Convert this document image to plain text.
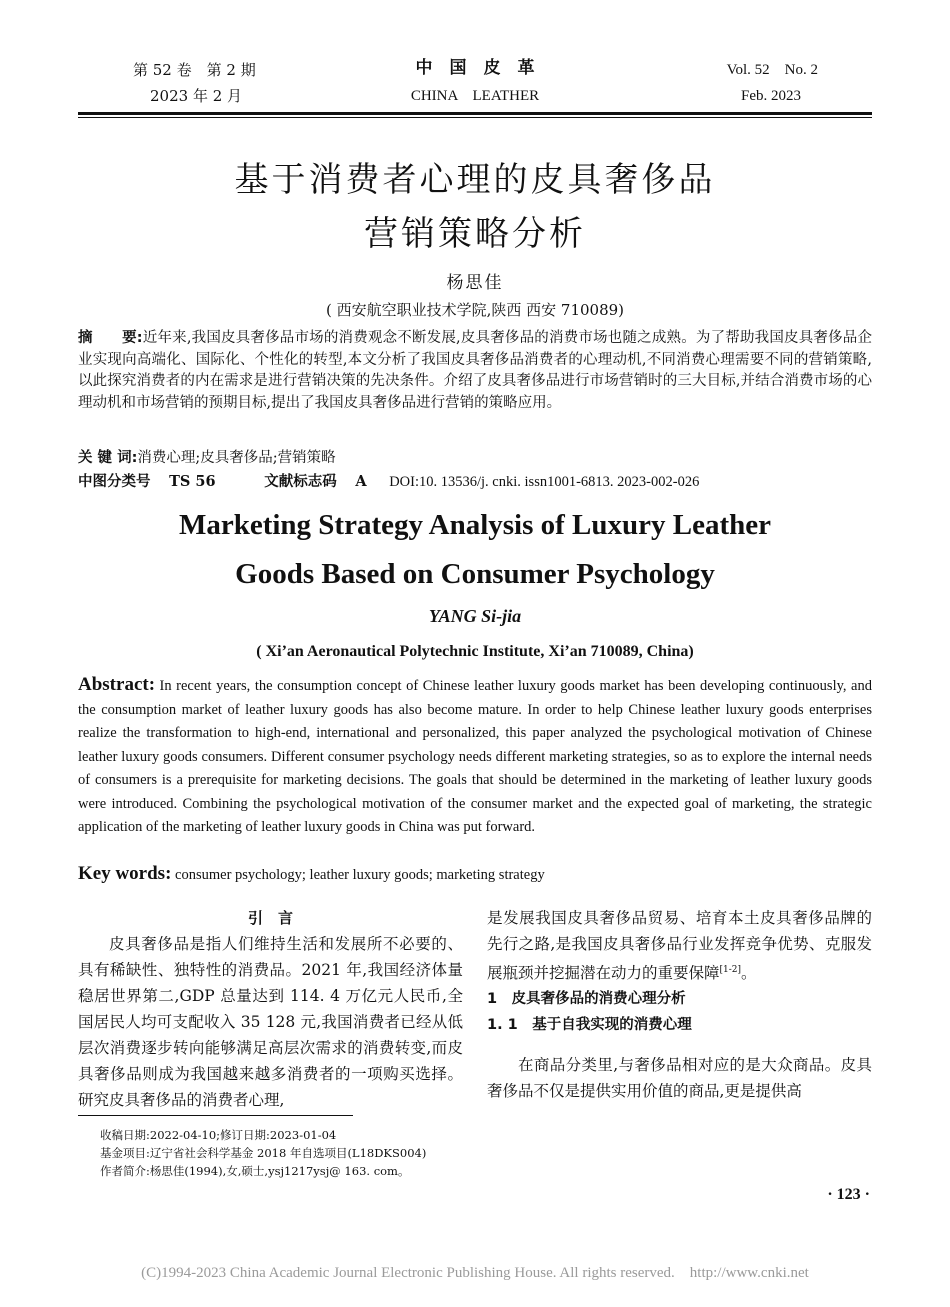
第 52 卷　第 2 期
2023 年 2 月
中　国　皮　革
CHINA　LEATHER
Vol. 52　No. 2
Feb. 2023
基于消费者心理的皮具奢侈品
营销策略分析
杨思佳
( 西安航空职业技术学院,陕西 西安 710089)
摘　　要:近年来,我国皮具奢侈品市场的消费观念不断发展,皮具奢侈品的消费市场也随之成熟。为了帮助我国皮具奢侈品企业实现向高端化、国际化、个性化的转型,本文分析了我国皮具奢侈品消费者的心理动机,不同消费心理需要不同的营销策略,以此探究消费者的内在需求是进行营销决策的先决条件。介绍了皮具奢侈品进行市场营销时的三大目标,并结合消费市场的心理动机和市场营销的预期目标,提出了我国皮具奢侈品进行营销的策略应用。
关 键 词:消费心理;皮具奢侈品;营销策略
中图分类号 TS 56	文献标志码 A DOI:10. 13536/j. cnki. issn1001-6813. 2023-002-026
Marketing Strategy Analysis of Luxury Leather
Goods Based on Consumer Psychology
YANG Si-jia
( Xi’an Aeronautical Polytechnic Institute, Xi’an 710089, China)
Abstract: In recent years, the consumption concept of Chinese leather luxury goods market has been developing continuously, and the consumption market of leather luxury goods has also become mature. In order to help Chinese leather luxury goods enterprises realize the transformation to high-end, international and personalized, this paper analyzed the psychological motivation of Chinese leather luxury goods consumers. Different consumer psychology needs different marketing strategies, so as to explore the internal needs of consumers is a prerequisite for marketing decisions. The goals that should be determined in the marketing of leather luxury goods were introduced. Combining the psychological motivation of the consumer market and the expected goal of marketing, the strategic application of the marketing of leather luxury goods in China was put forward.
Key words: consumer psychology; leather luxury goods; marketing strategy

引　言

皮具奢侈品是指人们维持生活和发展所不必要的、具有稀缺性、独特性的消费品。2021 年,我国经济体量稳居世界第二,GDP 总量达到 114. 4 万亿元人民币,全国居民人均可支配收入 35 128 元,我国消费者已经从低层次消费逐步转向能够满足高层次需求的消费转变,而皮具奢侈品则成为我国越来越多消费者的一项购买选择。研究皮具奢侈品的消费者心理,

是发展我国皮具奢侈品贸易、培育本土皮具奢侈品牌的先行之路,是我国皮具奢侈品行业发挥竞争优势、克服发展瓶颈并挖掘潜在动力的重要保障[1-2]。

1　皮具奢侈品的消费心理分析

1. 1　基于自我实现的消费心理

在商品分类里,与奢侈品相对应的是大众商品。皮具奢侈品不仅是提供实用价值的商品,更是提供高

收稿日期:2022-04-10;修订日期:2023-01-04
基金项目:辽宁省社会科学基金 2018 年自选项目(L18DKS004)
作者简介:杨思佳(1994),女,硕士,ysj1217ysj@ 163. com。
· 123 ·
(C)1994-2023 China Academic Journal Electronic Publishing House. All rights reserved.　http://www.cnki.net
